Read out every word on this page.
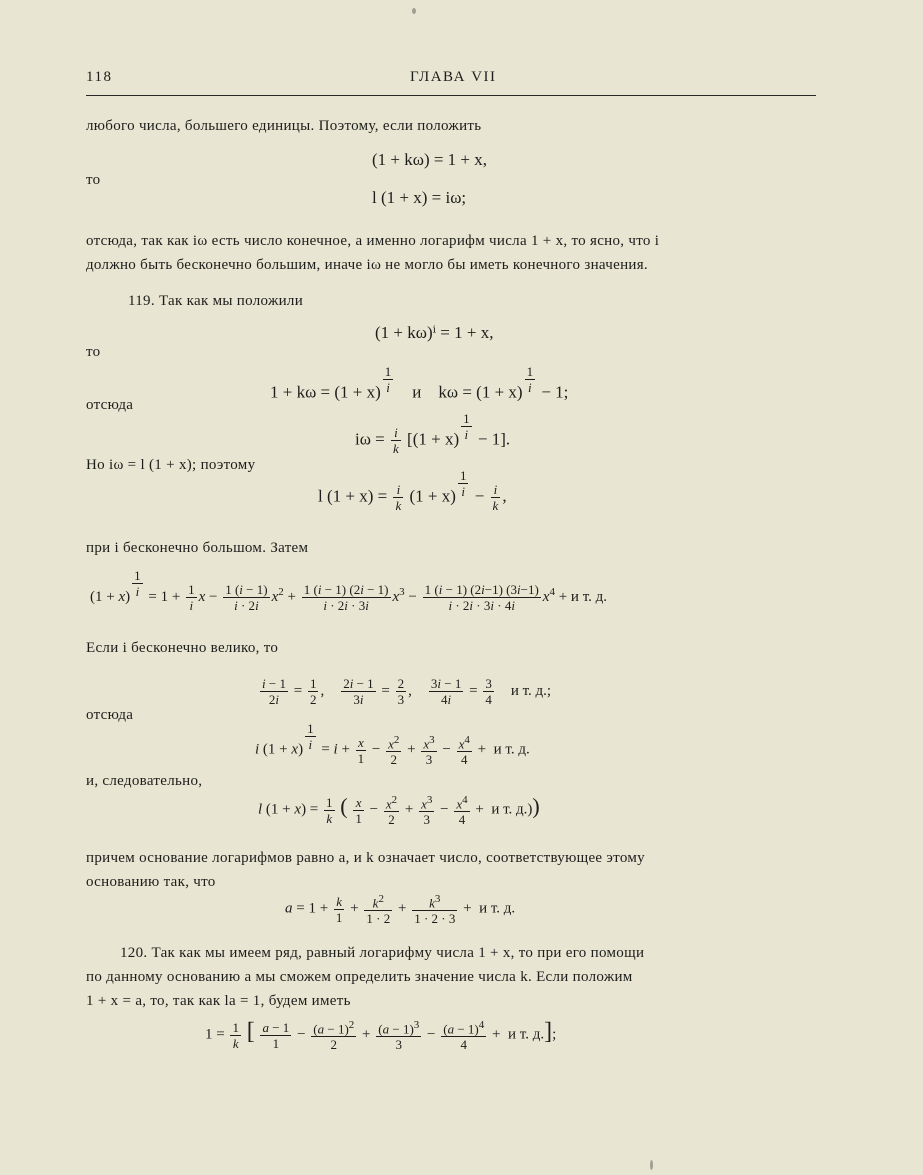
118	ГЛАВА VII
любого числа, большего единицы. Поэтому, если положить
(1 + kω) = 1 + x,
то
l (1 + x) = iω;
отсюда, так как iω есть число конечное, а именно логарифм числа 1 + x, то ясно, что i
должно быть бесконечно большим, иначе iω не могло бы иметь конечного значения.
119. Так как мы положили
(1 + kω)ⁱ = 1 + x,
то
$1 + k\omega = (1 + x) \frac{1}{i}$ и $k\omega = (1 + x) \frac{1}{i} - 1$;
отсюда
$i\omega = \frac{i}{k} [(1 + x) \frac{1}{i} - 1]$.
Но iω = l (1 + x); поэтому
l $(1 + x) = \frac{i}{k} (1 + x) \frac{1}{i} - \frac{i}{k}$ ,
при i бесконечно большом. Затем
$(1 + x) \frac{1}{i} = 1 + \frac{1}{i}$ $x - \frac{1 (i - 1)}{i \cdot 2i} x^2 + \frac{1 (i - 1) (2i - 1)}{i \cdot 2i \cdot 3i} x^3 - \frac{1 (i - 1) (2i-1) (3i-1)}{i \cdot 2i \cdot 3i \cdot 4i} x^4 + и$ т. д.
Если i бесконечно велико, то
$\frac{i - 1}{2i} = \frac{1}{2}$ , $\frac{2i - 1}{3i} = \frac{2}{3}$ , $\frac{3i - 1}{4i} = \frac{3}{4}$ и т. д.;
отсюда
i $(1 + x) \frac{1}{i} = i + \frac{x}{1} - \frac{x^2}{2} + \frac{x^3}{3} - \frac{x^4}{4} + и$ т. д.
и, следовательно,
l $(1 + x) = \frac{1}{k}$ ( $\frac{x}{1} - \frac{x^2}{2} + \frac{x^3}{3} - \frac{x^4}{4} + и$ т. д.))
причем основание логарифмов равно a, и k означает число, соответствующее этому
основанию так, что
$a = 1 + \frac{k}{1} + \frac{k^2}{1 \cdot 2} + \frac{k^3}{1 \cdot 2 \cdot 3} + и$ т. д.
120. Так как мы имеем ряд, равный логарифму числа 1 + x, то при его помощи
по данному основанию a мы сможем определить значение числа k. Если положим
1 + x = a, то, так как la = 1, будем иметь
$1 = \frac{1}{k}$ [ $\frac{a - 1}{1} - \frac{(a - 1)^2}{2} + \frac{(a - 1)^3}{3} - \frac{(a - 1)^4}{4} + и$ т. д.];
